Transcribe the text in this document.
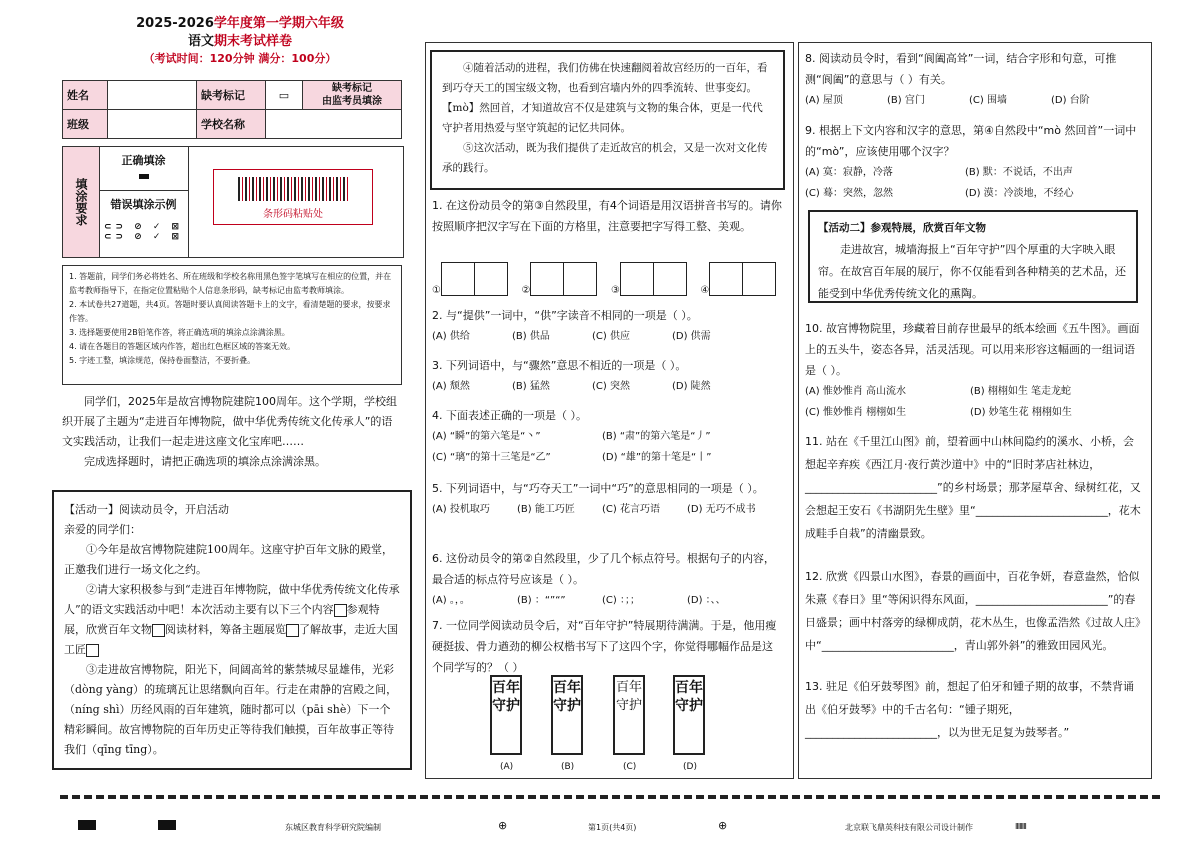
2025-2026学年度第一学期六年级
语文期末考试样卷
（考试时间：120分钟 满分：100分）
姓名		缺考标记	▭	缺考标记
由监考员填涂
班级		学校名称		
填涂要求
正确填涂
错误填涂示例
⊂⊃ ⊘ ✓ ⊠
⊂⊃ ⊘ ✓ ⊠
条形码粘贴处
1. 答题前，同学们务必将姓名、所在班级和学校名称用黑色签字笔填写在相应的位置，并在监考教师指导下，在指定位置粘贴个人信息条形码，缺考标记由监考教师填涂。
2. 本试卷共27道题，共4页。答题时要认真阅读答题卡上的文字，看清楚题的要求，按要求作答。
3. 选择题要使用2B铅笔作答，将正确选项的填涂点涂满涂黑。
4. 请在各题目的答题区域内作答，超出红色框区域的答案无效。
5. 字迹工整，填涂规范，保持卷面整洁，不要折叠。
同学们，2025年是故宫博物院建院100周年。这个学期，学校组织开展了主题为“走进百年博物院，做中华优秀传统文化传承人”的语文实践活动，让我们一起走进这座文化宝库吧……
完成选择题时，请把正确选项的填涂点涂满涂黑。

【活动一】阅读动员令，开启活动

亲爱的同学们：

①今年是故宫博物院建院100周年。这座守护百年文脉的殿堂，正邀我们进行一场文化之约。

②请大家积极参与到“走进百年博物院，做中华优秀传统文化传承人”的语文实践活动中吧！本次活动主要有以下三个内容 参观特展，欣赏百年文物 阅读材料，筹备主题展览 了解故事，走近大国工匠

③走进故宫博物院，阳光下，间阔高耸的紫禁城尽显雄伟，光彩（dòng yàng）的琉璃瓦让思绪飘向百年。行走在肃静的宫殿之间，（níng shì）历经风雨的百年建筑，随时都可以（pāi shè）下一个精彩瞬间。故宫博物院的百年历史正等待我们触摸，百年故事正等待我们（qīng tīng）。

④随着活动的进程，我们仿佛在快速翻阅着故宫经历的一百年，看到巧夺天工的国宝级文物，也看到宫墙内外的四季流转、世事变幻。【mò】然回首，才知道故宫不仅是建筑与文物的集合体，更是一代代守护者用热爱与坚守筑起的记忆共同体。

⑤这次活动，既为我们提供了走近故宫的机会，又是一次对文化传承的践行。

1. 在这份动员令的第③自然段里，有4个词语是用汉语拼音书写的。请你按照顺序把汉字写在下面的方格里，注意要把字写得工整、美观。
①	②	③	④
2. 与“提供”一词中，“供”字读音不相同的一项是（ ）。
(A) 供给	(B) 供品	(C) 供应	(D) 供需
3. 下列词语中，与“骤然”意思不相近的一项是（ ）。
(A) 颓然	(B) 猛然	(C) 突然	(D) 陡然
4. 下面表述正确的一项是（ ）。
(A) “瞬”的第六笔是“丶”	(B) “肃”的第六笔是“丿”
(C) “璃”的第十三笔是“乙”	(D) “雄”的第十笔是“丨”
5. 下列词语中，与“巧夺天工”一词中“巧”的意思相同的一项是（ ）。
(A) 投机取巧	(B) 能工巧匠	(C) 花言巧语	(D) 无巧不成书
6. 这份动员令的第②自然段里，少了几个标点符号。根据句子的内容，最合适的标点符号应该是（ ）。
(A) 。，。	(B) ：“”“”	(C) ：；；	(D) ：、、
7. 一位同学阅读动员令后，对“百年守护”特展期待满满。于是，他用瘦硬挺拔、骨力遒劲的柳公权楷书写下了这四个字，你觉得哪幅作品是这个同学写的？（ ）
百年守护
百年守护
百年守护
百年守护
(A)	(B)	(C)	(D)
8. 阅读动员令时，看到“阆阖高耸”一词，结合字形和句意，可推测“阆阖”的意思与（ ）有关。
(A) 屋顶	(B) 宫门	(C) 围墙	(D) 台阶
9. 根据上下文内容和汉字的意思，第④自然段中“mò 然回首”一词中的“mò”，应该使用哪个汉字？
(A) 寞：寂静，冷落	(B) 默：不说话，不出声
(C) 蓦：突然，忽然	(D) 漠：冷淡地，不经心
【活动二】参观特展，欣赏百年文物
走进故宫，城墙海报上“百年守护”四个厚重的大字映入眼帘。在故宫百年展的展厅，你不仅能看到各种精美的艺术品，还能受到中华优秀传统文化的熏陶。
10. 故宫博物院里，珍藏着目前存世最早的纸本绘画《五牛图》。画面上的五头牛，姿态各异，活灵活现。可以用来形容这幅画的一组词语是（ ）。
(A) 惟妙惟肖 高山流水	(B) 栩栩如生 笔走龙蛇
(C) 惟妙惟肖 栩栩如生	(D) 妙笔生花 栩栩如生
11. 站在《千里江山图》前，望着画中山林间隐约的溪水、小桥，会想起辛弃疾《西江月·夜行黄沙道中》中的“旧时茅店社林边，________________________”的乡村场景；那茅屋草舍、绿树红花，又会想起王安石《书湖阴先生壁》里“________________________，花木成畦手自栽”的清幽景致。
12. 欣赏《四景山水图》，春景的画面中，百花争妍，春意盎然，恰似朱熹《春日》里“等闲识得东风面，________________________”的春日盛景；画中村落旁的绿柳成荫，花木丛生，也像孟浩然《过故人庄》中“________________________，青山郭外斜”的雅致田园风光。
13. 驻足《伯牙鼓琴图》前，想起了伯牙和锺子期的故事，不禁背诵出《伯牙鼓琴》中的千古名句：“锺子期死，________________________，以为世无足复为鼓琴者。”
东城区教育科学研究院编制	⊕	第1页(共4页)	⊕	北京联飞鼎英科技有限公司设计制作	IIIIIIII
